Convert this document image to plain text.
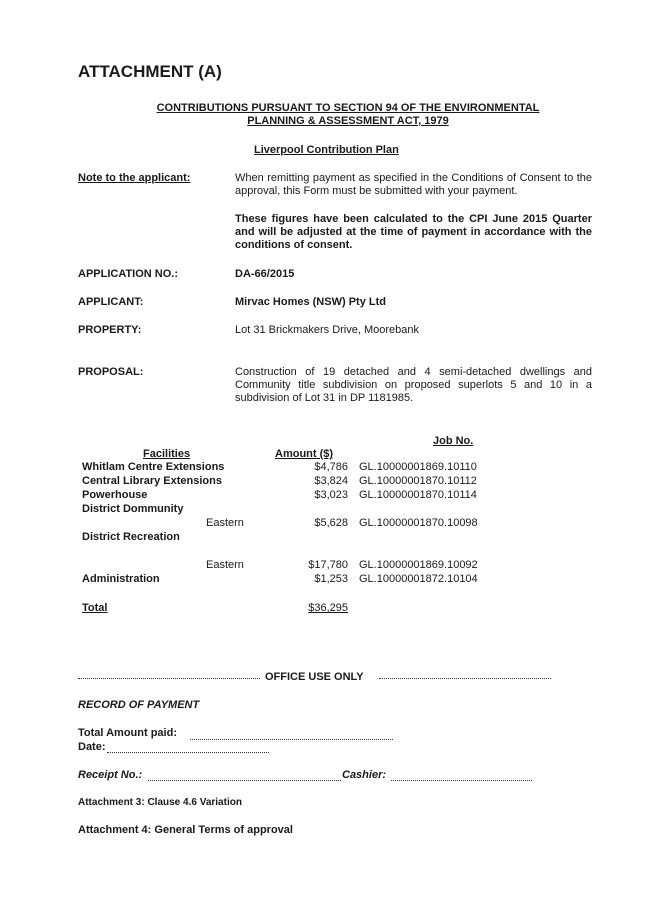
ATTACHMENT (A)
CONTRIBUTIONS PURSUANT TO SECTION 94 OF THE ENVIRONMENTAL
PLANNING & ASSESSMENT ACT, 1979
Liverpool Contribution Plan
Note to the applicant:	When remitting payment as specified in the Conditions of Consent to the approval, this Form must be submitted with your payment.
These figures have been calculated to the CPI June 2015 Quarter and will be adjusted at the time of payment in accordance with the conditions of consent.
APPLICATION NO.:	DA-66/2015
APPLICANT:	Mirvac Homes (NSW) Pty Ltd
PROPERTY:	Lot 31 Brickmakers Drive, Moorebank
PROPOSAL:	Construction of 19 detached and 4 semi-detached dwellings and Community title subdivision on proposed superlots 5 and 10 in a subdivision of Lot 31 in DP 1181985.
Job No.
Facilities	Amount ($)
Whitlam Centre Extensions	$4,786 GL.10000001869.10110
Central Library Extensions	$3,824 GL.10000001870.10112
Powerhouse	$3,023 GL.10000001870.10114
District Dommunity
Eastern	$5,628 GL.10000001870.10098
District Recreation
Eastern	$17,780 GL.10000001869.10092
Administration	$1,253 GL.10000001872.10104
Total	$36,295
OFFICE USE ONLY
RECORD OF PAYMENT
Total Amount paid:
Date:
Receipt No.:	Cashier:
Attachment 3: Clause 4.6 Variation
Attachment 4: General Terms of approval
